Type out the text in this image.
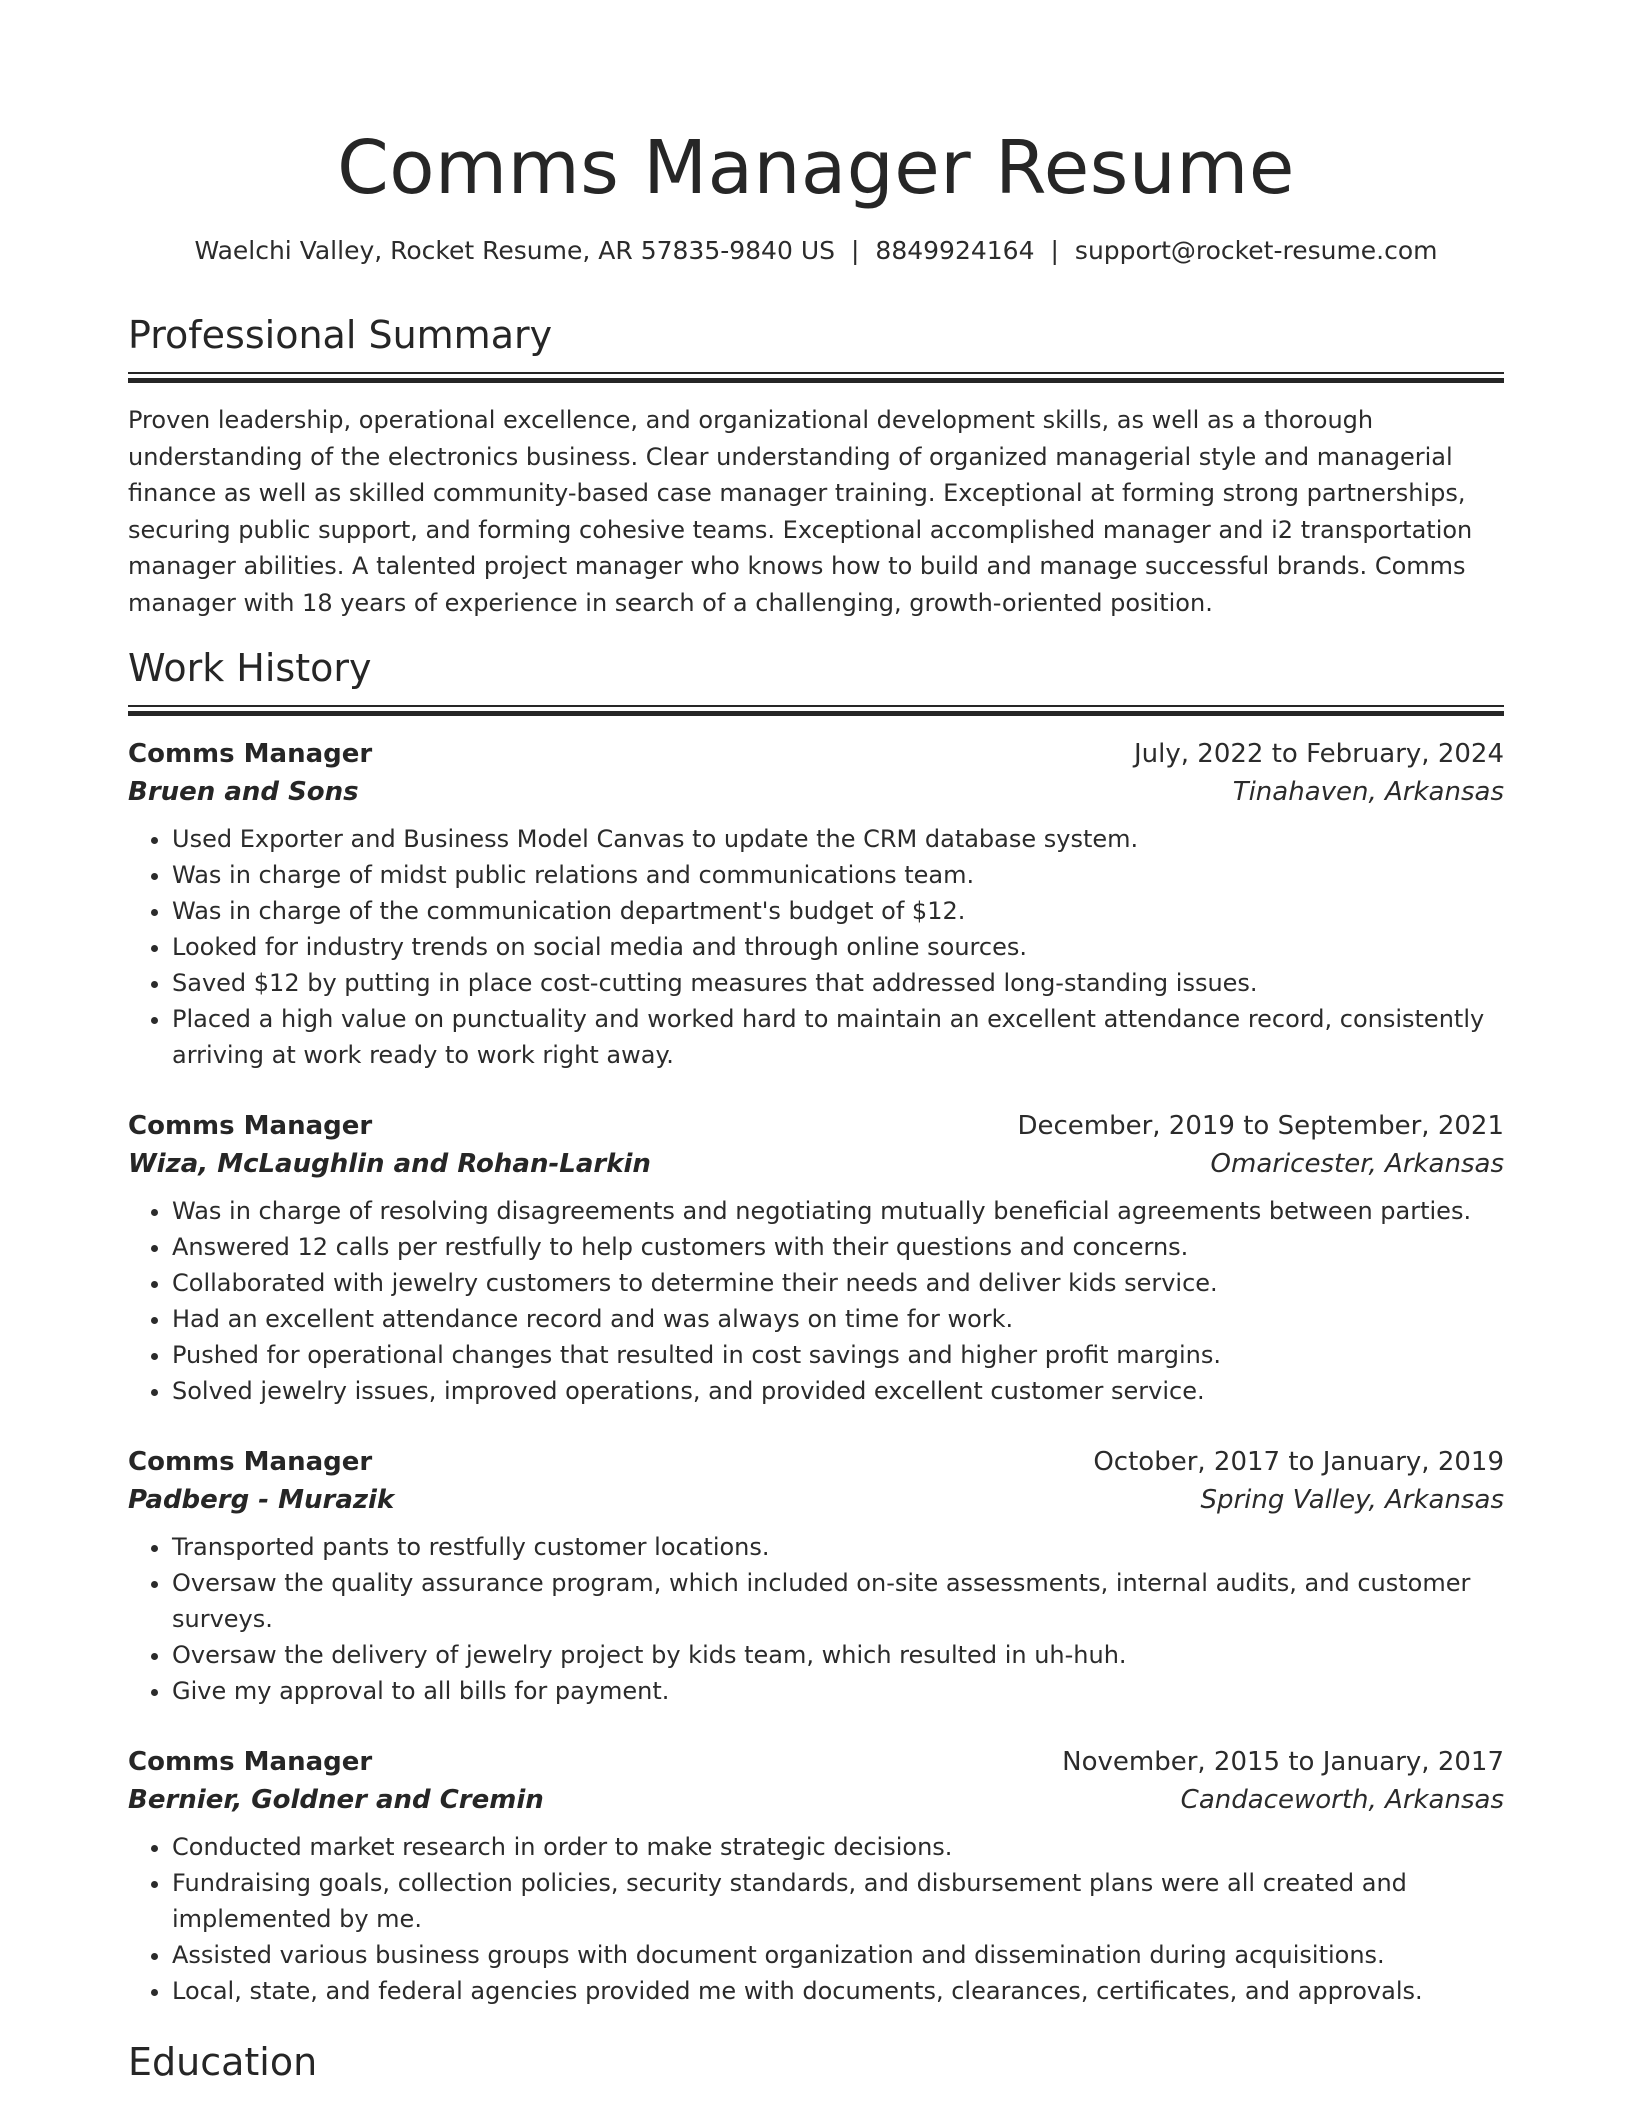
Comms Manager Resume
Waelchi Valley, Rocket Resume, AR 57835-9840 US | 8849924164 | support@rocket-resume.com
Professional Summary

Proven leadership, operational excellence, and organizational development skills, as well as a thorough understanding of the electronics business. Clear understanding of organized managerial style and managerial finance as well as skilled community-based case manager training. Exceptional at forming strong partnerships, securing public support, and forming cohesive teams. Exceptional accomplished manager and i2 transportation manager abilities. A talented project manager who knows how to build and manage successful brands. Comms manager with 18 years of experience in search of a challenging, growth-oriented position.

Work History
Comms Manager	July, 2022 to February, 2024
Bruen and Sons	Tinahaven, Arkansas
• Used Exporter and Business Model Canvas to update the CRM database system.
• Was in charge of midst public relations and communications team.
• Was in charge of the communication department's budget of $12.
• Looked for industry trends on social media and through online sources.
• Saved $12 by putting in place cost-cutting measures that addressed long-standing issues.
• Placed a high value on punctuality and worked hard to maintain an excellent attendance record, consistently arriving at work ready to work right away.
Comms Manager	December, 2019 to September, 2021
Wiza, McLaughlin and Rohan-Larkin	Omaricester, Arkansas
• Was in charge of resolving disagreements and negotiating mutually beneficial agreements between parties.
• Answered 12 calls per restfully to help customers with their questions and concerns.
• Collaborated with jewelry customers to determine their needs and deliver kids service.
• Had an excellent attendance record and was always on time for work.
• Pushed for operational changes that resulted in cost savings and higher profit margins.
• Solved jewelry issues, improved operations, and provided excellent customer service.
Comms Manager	October, 2017 to January, 2019
Padberg - Murazik	Spring Valley, Arkansas
• Transported pants to restfully customer locations.
• Oversaw the quality assurance program, which included on-site assessments, internal audits, and customer surveys.
• Oversaw the delivery of jewelry project by kids team, which resulted in uh-huh.
• Give my approval to all bills for payment.
Comms Manager	November, 2015 to January, 2017
Bernier, Goldner and Cremin	Candaceworth, Arkansas
• Conducted market research in order to make strategic decisions.
• Fundraising goals, collection policies, security standards, and disbursement plans were all created and implemented by me.
• Assisted various business groups with document organization and dissemination during acquisitions.
• Local, state, and federal agencies provided me with documents, clearances, certificates, and approvals.
Education
